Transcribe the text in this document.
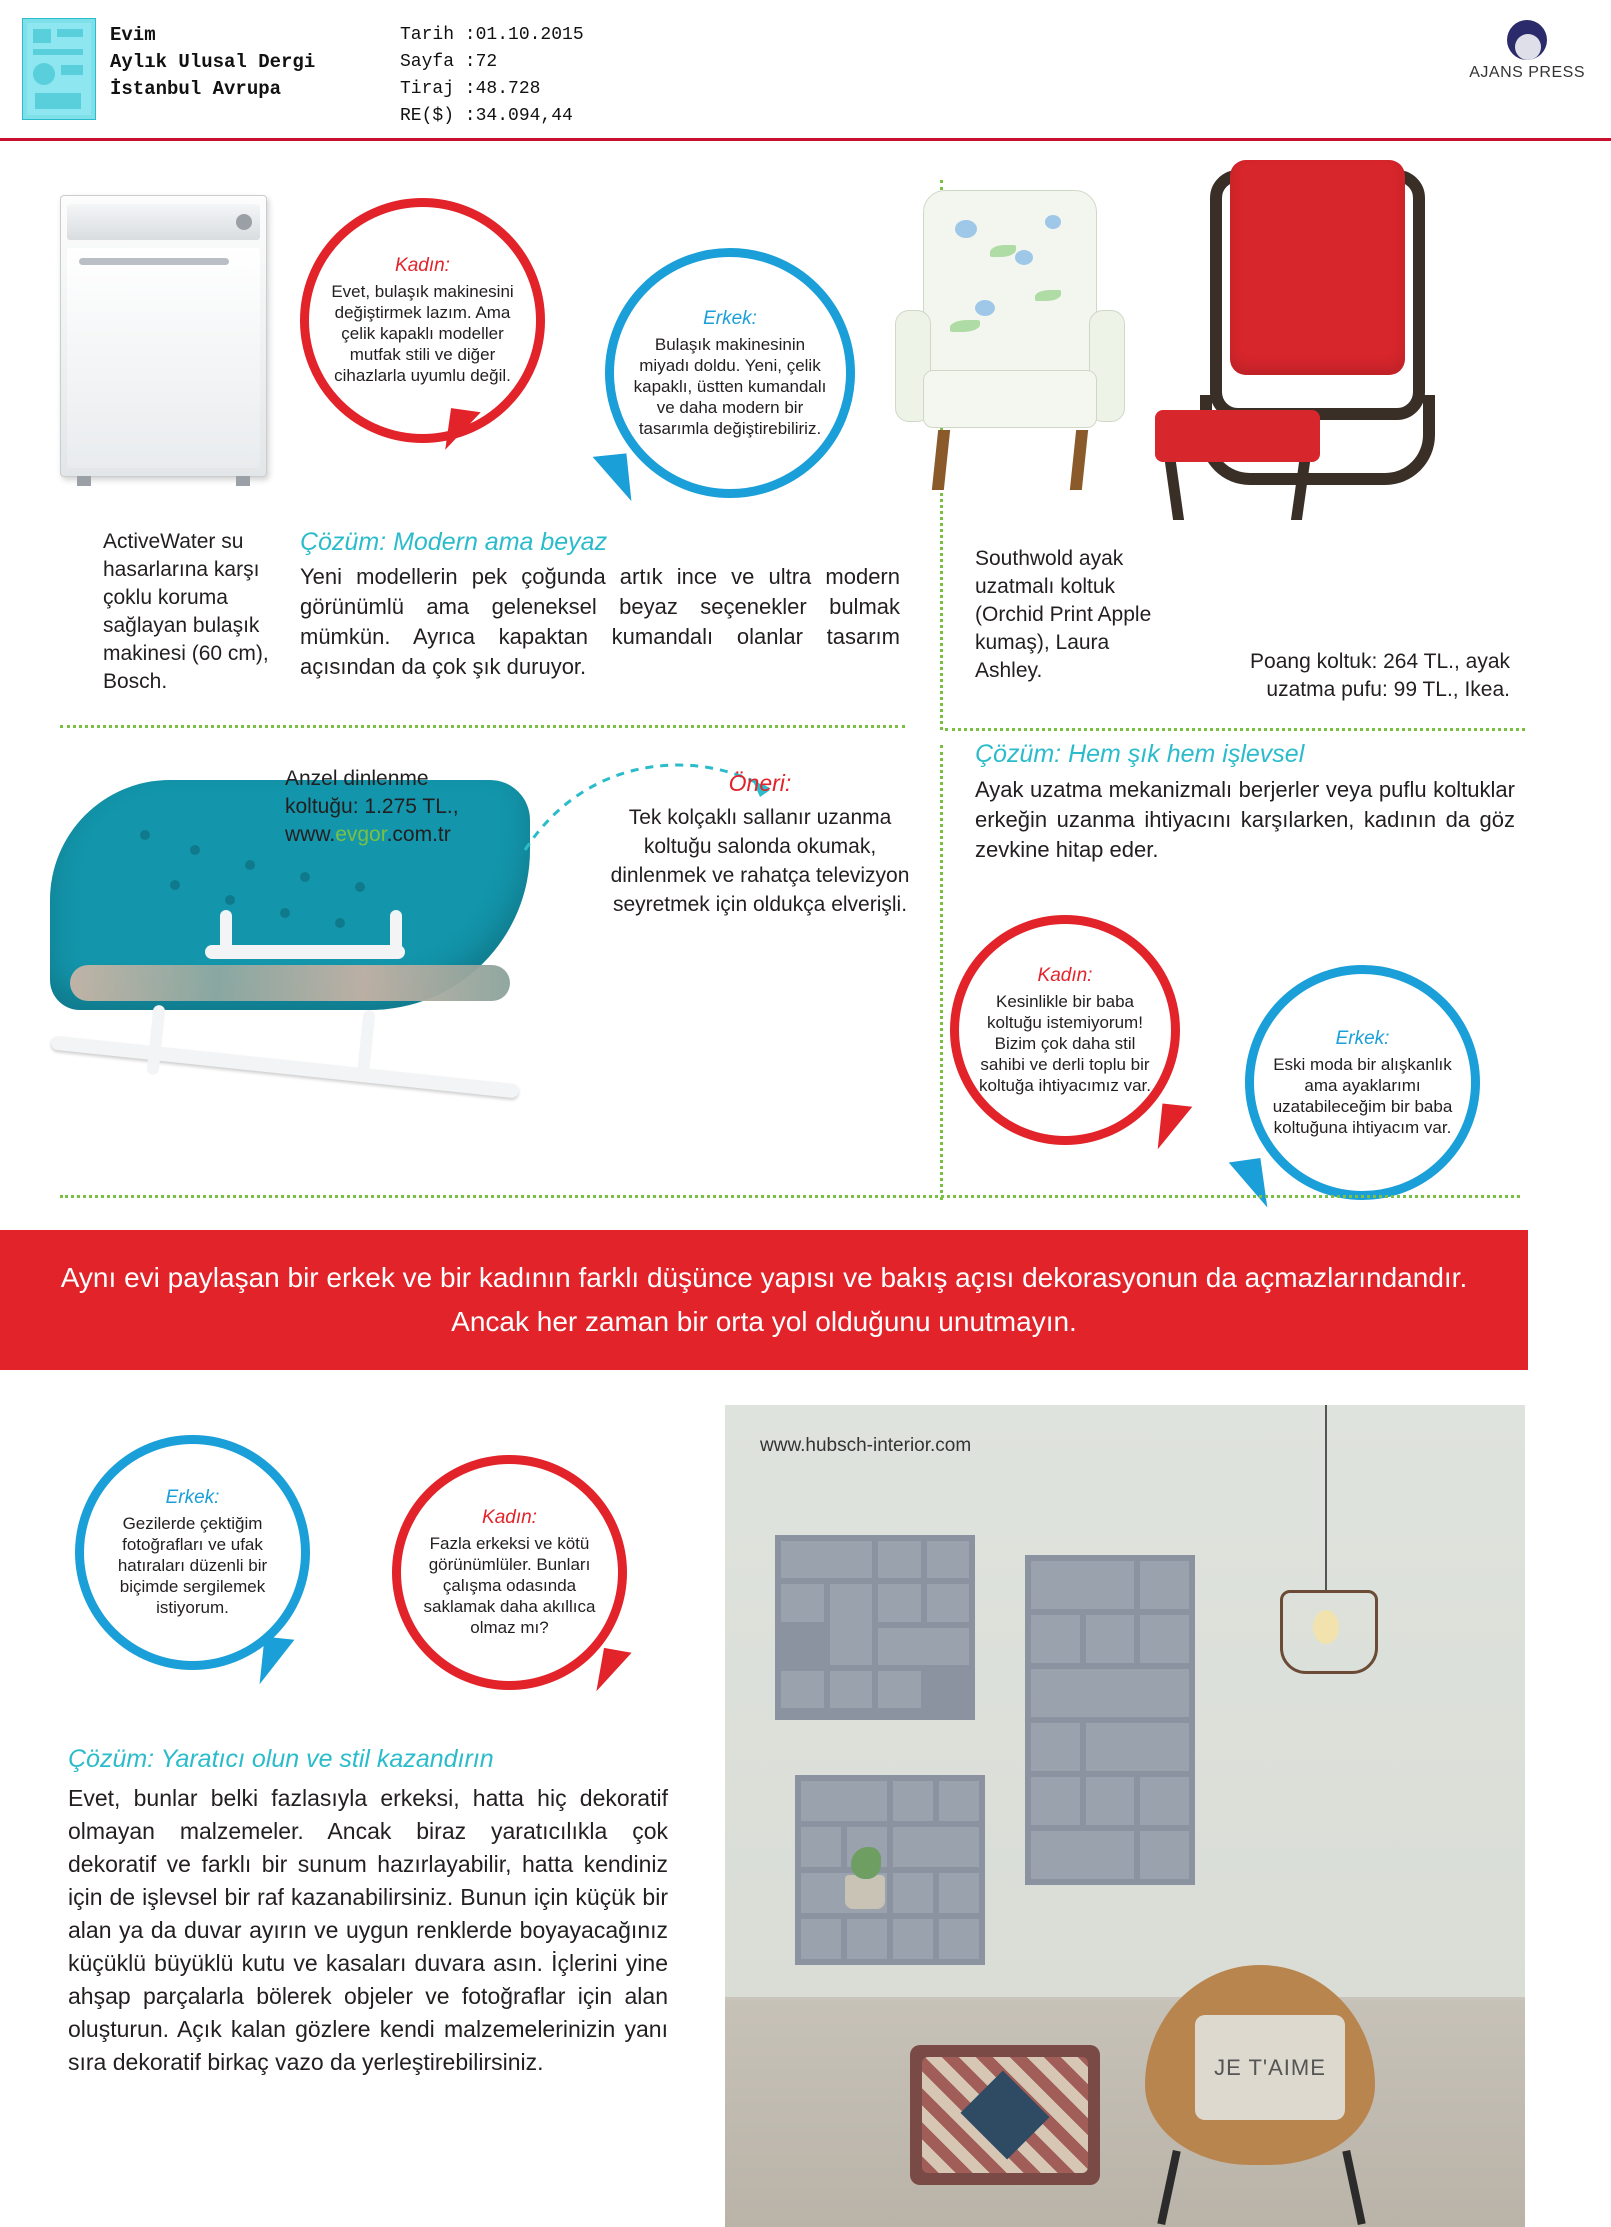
Evim
Aylık Ulusal Dergi
İstanbul Avrupa
Tarih :01.10.2015
Sayfa :72
Tiraj :48.728
RE($) :34.094,44
AJANS PRESS
Kadın:
Evet, bulaşık makinesini değiştirmek lazım. Ama çelik kapaklı modeller mutfak stili ve diğer cihazlarla uyumlu değil.
Erkek:
Bulaşık makinesinin miyadı doldu. Yeni, çelik kapaklı, üstten kumandalı ve daha modern bir tasarımla değiştirebiliriz.
ActiveWater su hasarlarına karşı çoklu koruma sağlayan bulaşık makinesi (60 cm), Bosch.
Çözüm: Modern ama beyaz
Yeni modellerin pek çoğunda artık ince ve ultra modern görünümlü ama geleneksel beyaz seçenekler bulmak mümkün. Ayrıca kapaktan kumandalı olanlar tasarım açısından da çok şık duruyor.
Southwold ayak uzatmalı koltuk (Orchid Print Apple kumaş), Laura Ashley.	Poang koltuk: 264 TL., ayak uzatma pufu: 99 TL., Ikea.
Çözüm: Hem şık hem işlevsel
Ayak uzatma mekanizmalı berjerler veya puflu koltuklar erkeğin uzanma ihtiyacını karşılarken, kadının da göz zevkine hitap eder.
Kadın:
Kesinlikle bir baba koltuğu istemiyorum! Bizim çok daha stil sahibi ve derli toplu bir koltuğa ihtiyacımız var.
Erkek:
Eski moda bir alışkanlık ama ayaklarımı uzatabileceğim bir baba koltuğuna ihtiyacım var.
Anzel dinlenme koltuğu: 1.275 TL., www.evgor.com.tr
Öneri:
Tek kolçaklı sallanır uzanma koltuğu salonda okumak, dinlenmek ve rahatça televizyon seyretmek için oldukça elverişli.
Aynı evi paylaşan bir erkek ve bir kadının farklı düşünce yapısı ve bakış açısı dekorasyonun da açmazlarındandır. Ancak her zaman bir orta yol olduğunu unutmayın.
Erkek:
Gezilerde çektiğim fotoğrafları ve ufak hatıraları düzenli bir biçimde sergilemek istiyorum.
Kadın:
Fazla erkeksi ve kötü görünümlüler. Bunları çalışma odasında saklamak daha akıllıca olmaz mı?
Çözüm: Yaratıcı olun ve stil kazandırın
Evet, bunlar belki fazlasıyla erkeksi, hatta hiç dekoratif olmayan malzemeler. Ancak biraz yaratıcılıkla çok dekoratif ve farklı bir sunum hazırlayabilir, hatta kendiniz için de işlevsel bir raf kazanabilirsiniz. Bunun için küçük bir alan ya da duvar ayırın ve uygun renklerde boyayacağınız küçüklü büyüklü kutu ve kasaları duvara asın. İçlerini yine ahşap parçalarla bölerek objeler ve fotoğraflar için alan oluşturun. Açık kalan gözlere kendi malzemelerinizin yanı sıra dekoratif birkaç vazo da yerleştirebilirsiniz.	JE T'AIME
www.hubsch-interior.com
